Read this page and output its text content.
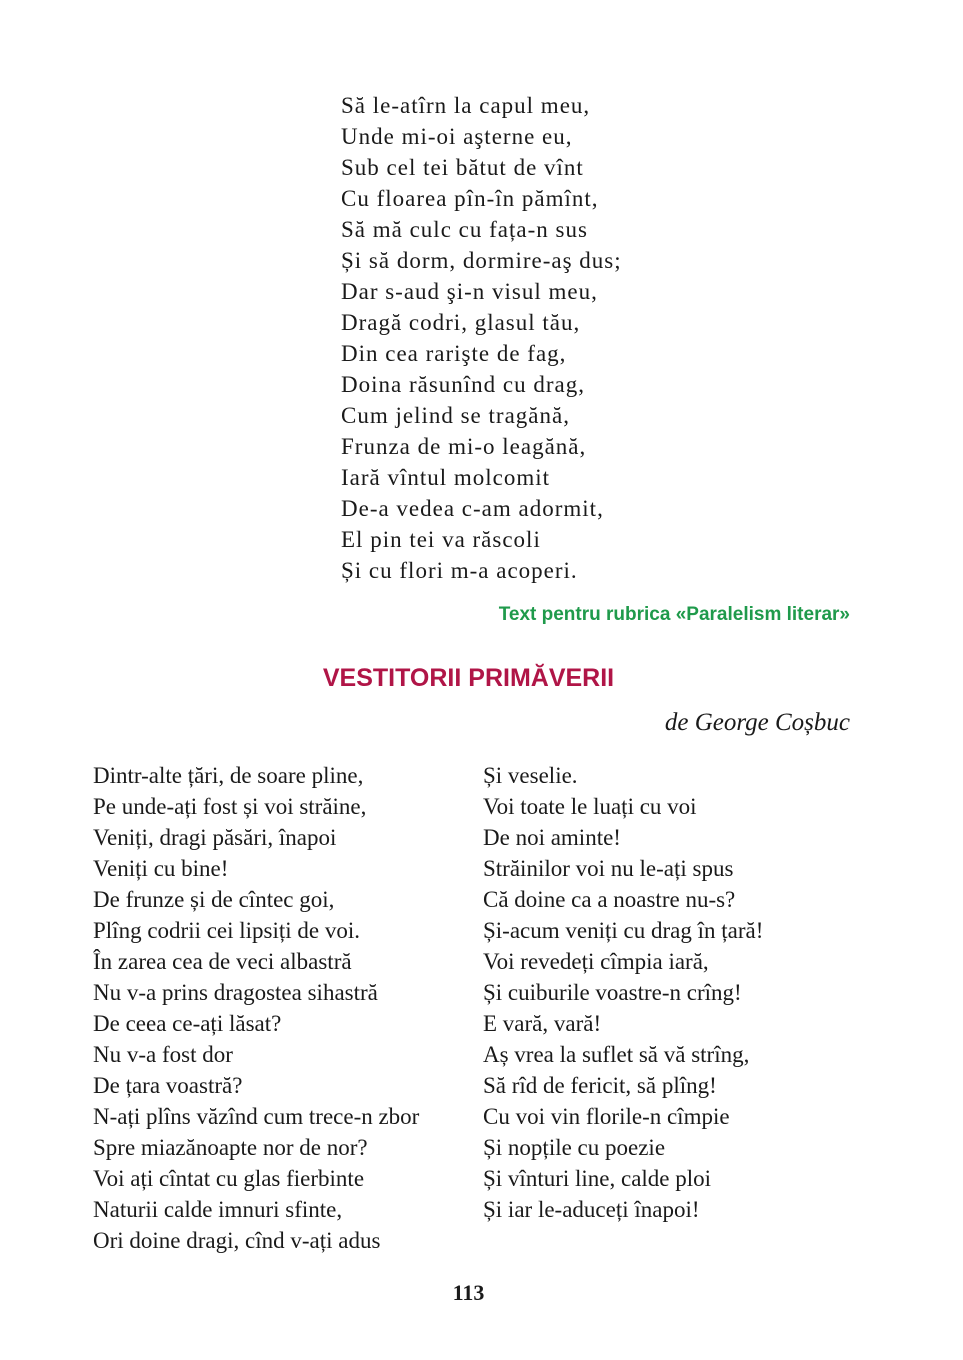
Să le-atîrn la capul meu,
Unde mi-oi aşterne eu,
Sub cel tei bătut de vînt
Cu floarea pîn-în pămînt,
Să mă culc cu fața-n sus
Și să dorm, dormire-aş dus;
Dar s-aud şi-n visul meu,
Dragă codri, glasul tău,
Din cea rarişte de fag,
Doina răsunînd cu drag,
Cum jelind se tragănă,
Frunza de mi-o leagănă,
Iară vîntul molcomit
De-a vedea c-am adormit,
El pin tei va răscoli
Și cu flori m-a acoperi.
Text pentru rubrica «Paralelism literar»
VESTITORII PRIMĂVERII
de George Coșbuc
Dintr-alte țări, de soare pline,
Pe unde-ați fost și voi străine,
Veniți, dragi păsări, înapoi
Veniți cu bine!
De frunze și de cîntec goi,
Plîng codrii cei lipsiți de voi.
În zarea cea de veci albastră
Nu v-a prins dragostea sihastră
De ceea ce-ați lăsat?
Nu v-a fost dor
De țara voastră?
N-ați plîns văzînd cum trece-n zbor
Spre miazănoapte nor de nor?
Voi ați cîntat cu glas fierbinte
Naturii calde imnuri sfinte,
Ori doine dragi, cînd v-ați adus
Și veselie.
Voi toate le luați cu voi
De noi aminte!
Străinilor voi nu le-ați spus
Că doine ca a noastre nu-s?
Și-acum veniți cu drag în țară!
Voi revedeți cîmpia iară,
Și cuiburile voastre-n crîng!
E vară, vară!
Aș vrea la suflet să vă strîng,
Să rîd de fericit, să plîng!
Cu voi vin florile-n cîmpie
Și nopțile cu poezie
Și vînturi line, calde ploi
Și iar le-aduceți înapoi!
113
